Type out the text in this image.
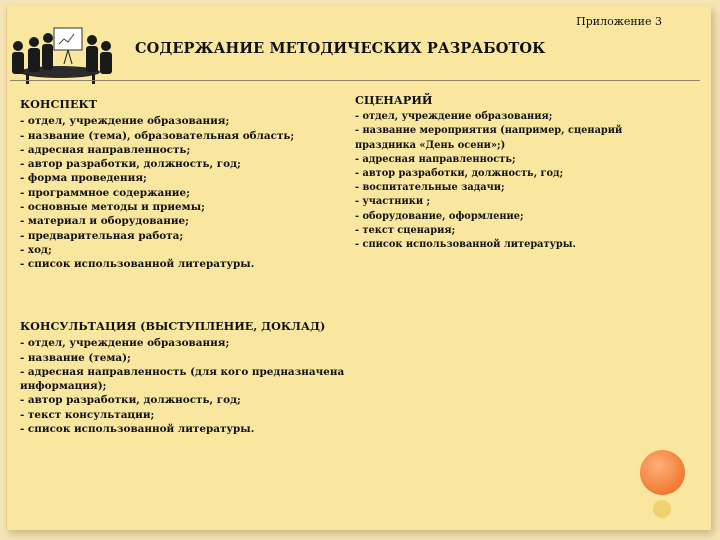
Приложение 3
СОДЕРЖАНИЕ МЕТОДИЧЕСКИХ РАЗРАБОТОК
КОНСПЕКТ
- отдел, учреждение образования;
- название (тема), образовательная область;
- адресная направленность;
- автор разработки, должность, год;
- форма проведения;
- программное содержание;
- основные методы и приемы;
- материал и оборудование;
- предварительная работа;
- ход;
- список использованной литературы.
КОНСУЛЬТАЦИЯ (ВЫСТУПЛЕНИЕ, ДОКЛАД)
- отдел, учреждение образования;
- название (тема);
- адресная направленность (для кого предназначена информация);
- автор разработки, должность, год;
- текст консультации;
- список использованной литературы.
СЦЕНАРИЙ
- отдел, учреждение образования;
- название мероприятия (например, сценарий праздника «День осени»;)
- адресная направленность;
- автор разработки, должность, год;
- воспитательные задачи;
- участники ;
- оборудование, оформление;
- текст сценария;
- список использованной литературы.
